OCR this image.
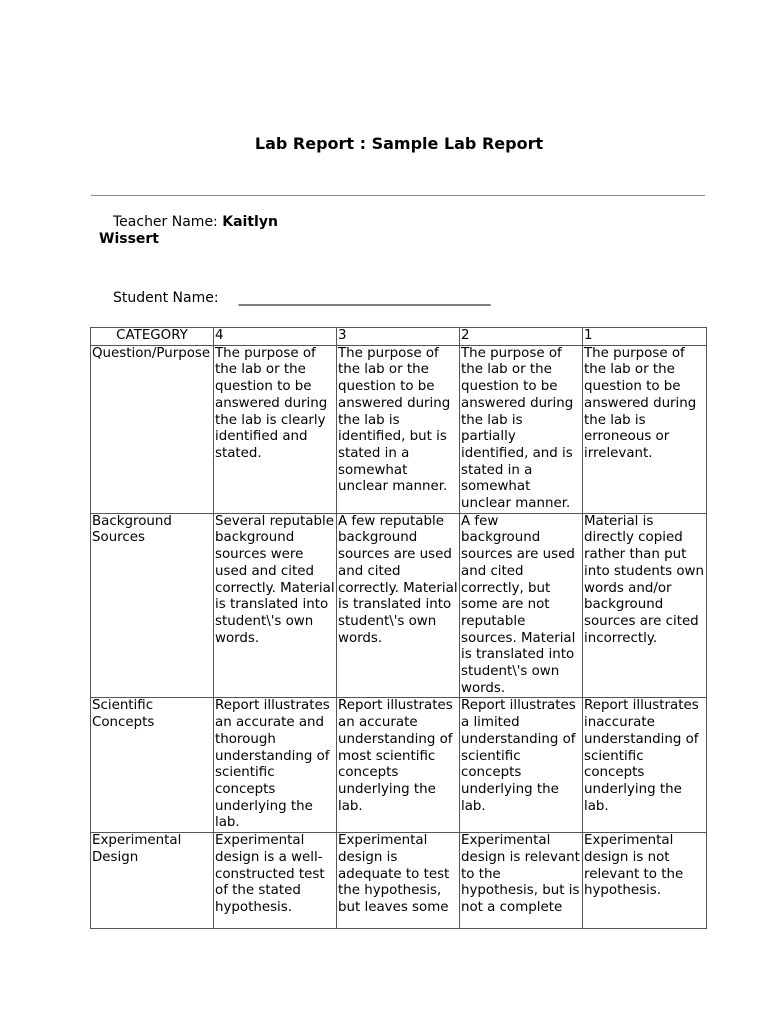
Lab Report : Sample Lab Report
Teacher Name: Kaitlyn Wissert
Student Name: ____________________________________
CATEGORY	4	3	2	1
Question/Purpose	The purpose of the lab or the question to be answered during the lab is clearly identified and stated.	The purpose of the lab or the question to be answered during the lab is identified, but is stated in a somewhat unclear manner.	The purpose of the lab or the question to be answered during the lab is partially identified, and is stated in a somewhat unclear manner.	The purpose of the lab or the question to be answered during the lab is erroneous or irrelevant.
Background Sources	Several reputable background sources were used and cited correctly. Material is translated into student\'s own words.	A few reputable background sources are used and cited correctly. Material is translated into student\'s own words.	A few background sources are used and cited correctly, but some are not reputable sources. Material is translated into student\'s own words.	Material is directly copied rather than put into students own words and/or background sources are cited incorrectly.
Scientific Concepts	Report illustrates an accurate and thorough understanding of scientific concepts underlying the lab.	Report illustrates an accurate understanding of most scientific concepts underlying the lab.	Report illustrates a limited understanding of scientific concepts underlying the lab.	Report illustrates inaccurate understanding of scientific concepts underlying the lab.

Experimental Design	Experimental design is a well-constructed test of the stated hypothesis.	Experimental design is adequate to test the hypothesis, but leaves some	Experimental design is relevant to the hypothesis, but is not a complete	Experimental design is not relevant to the hypothesis.
